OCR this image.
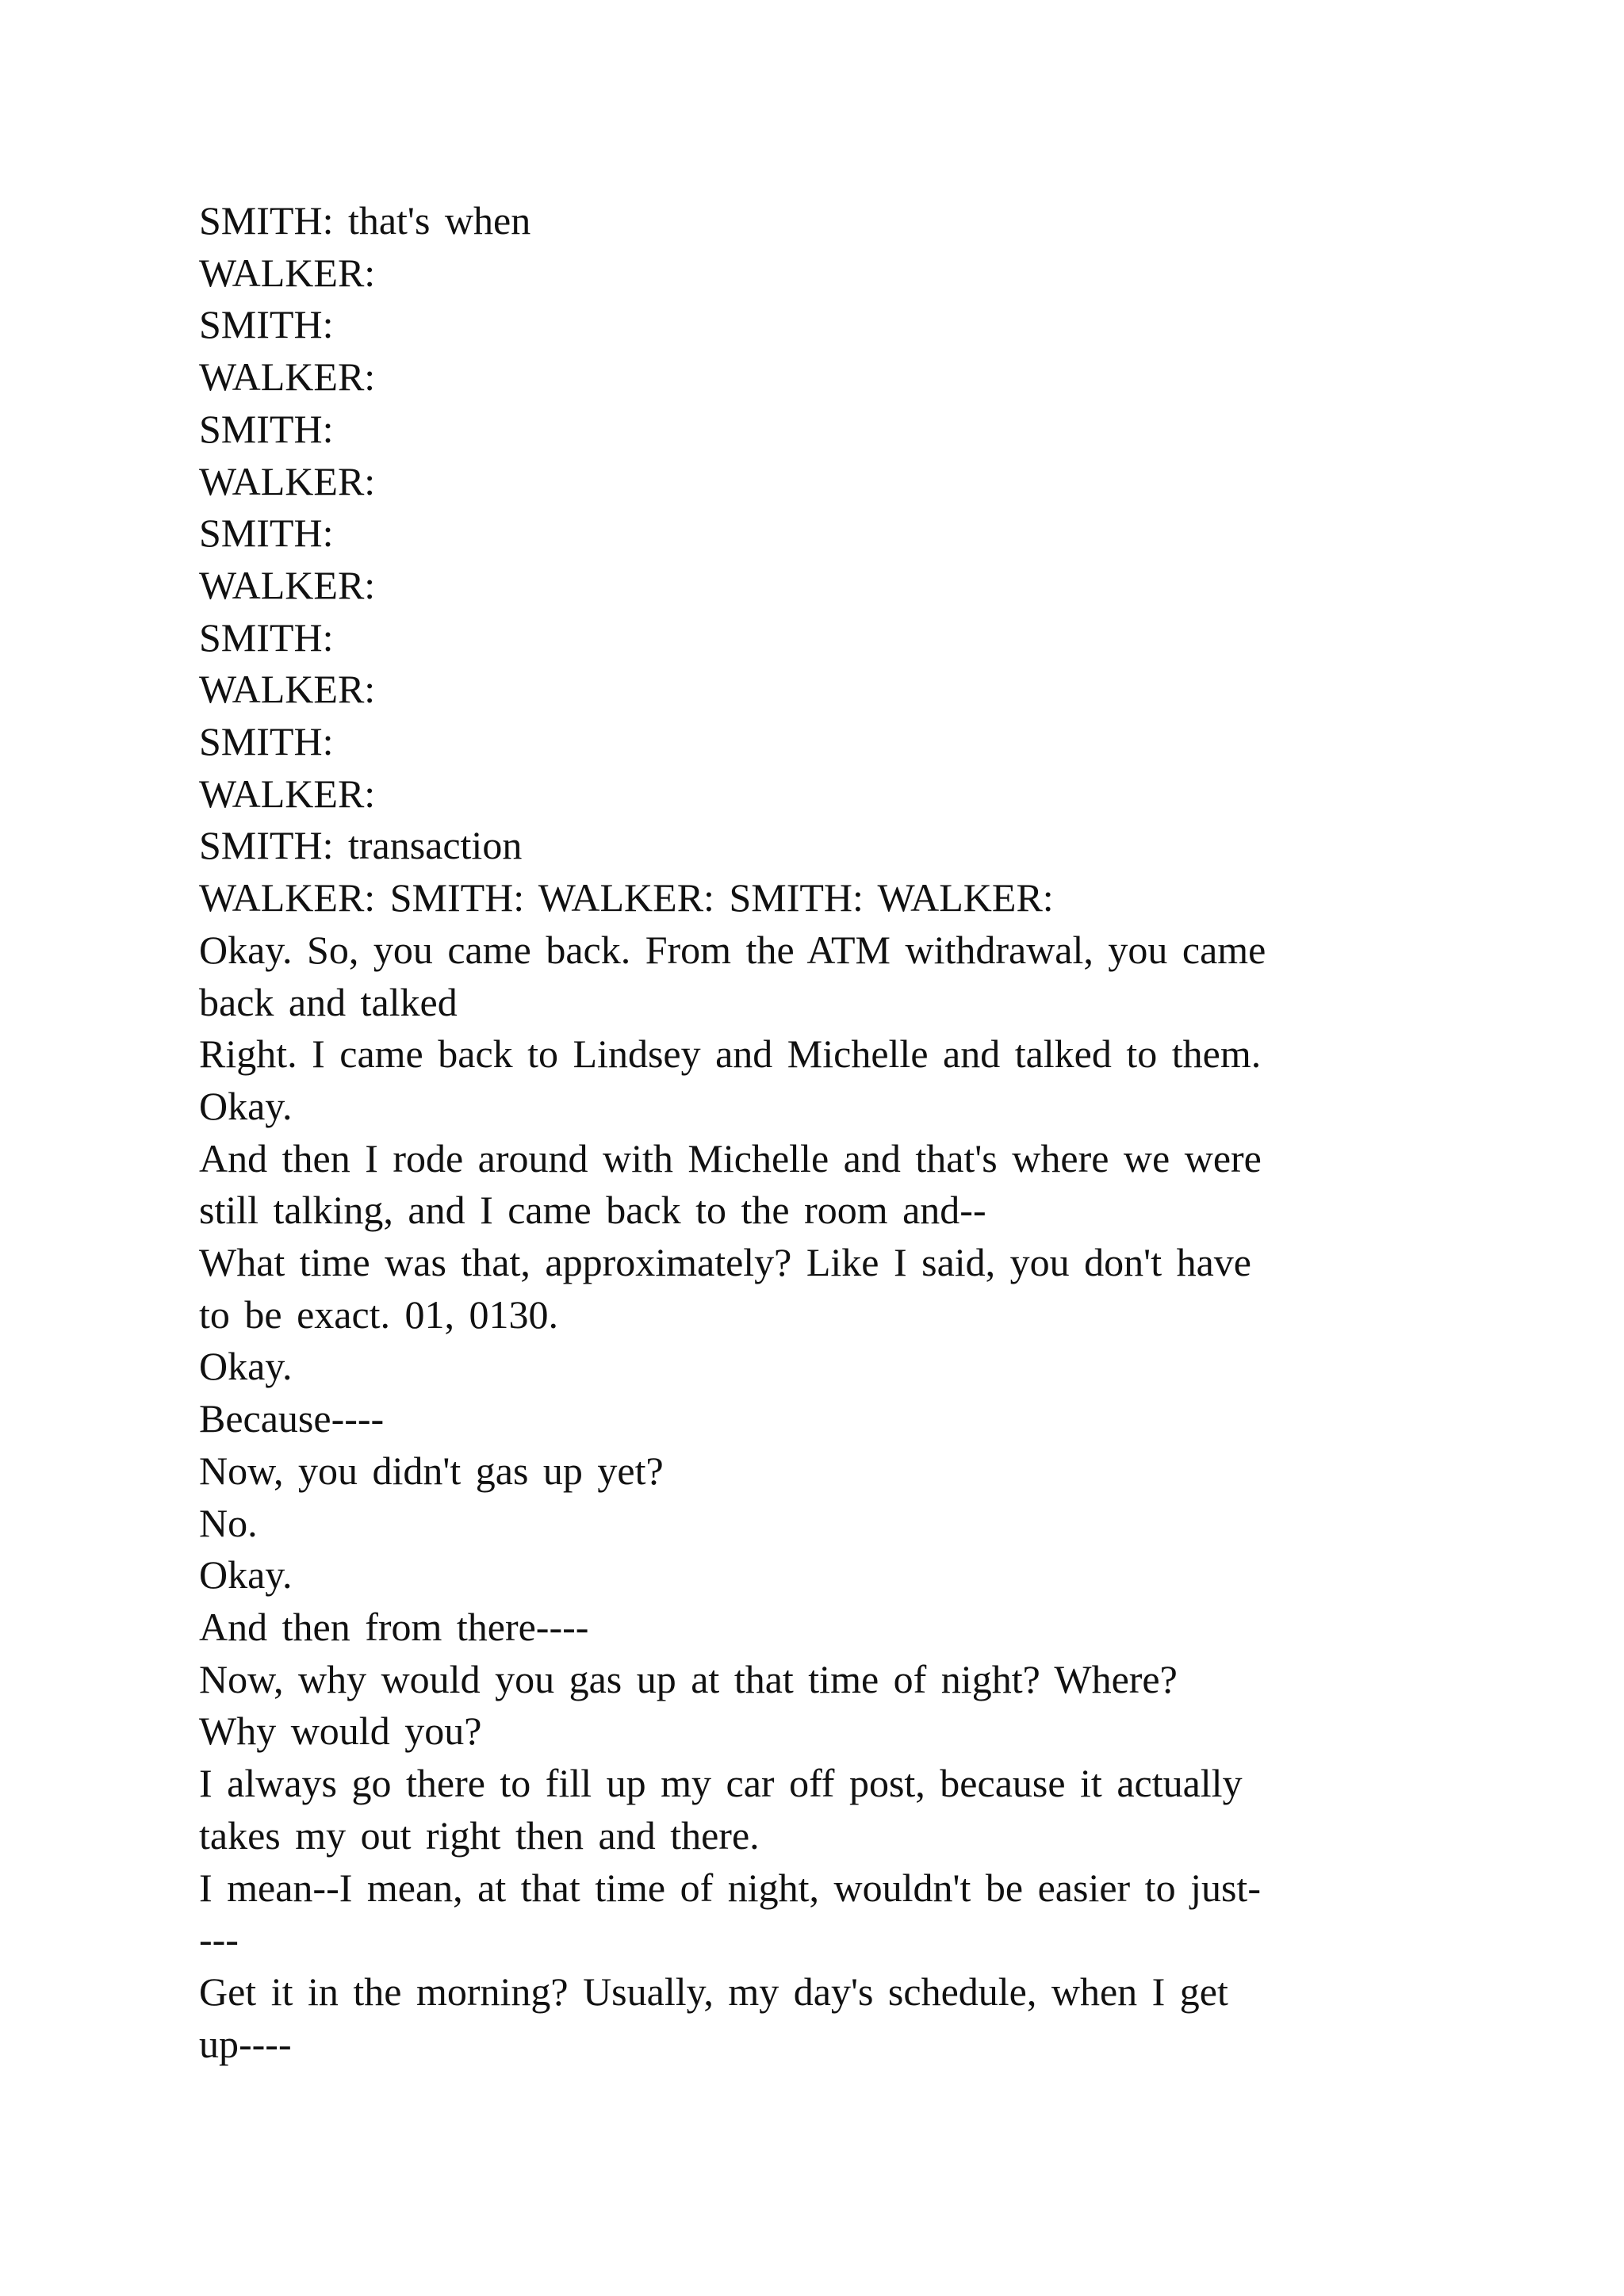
SMITH: that's when
WALKER:
SMITH:
WALKER:
SMITH:
WALKER:
SMITH:
WALKER:
SMITH:
WALKER:
SMITH:
WALKER:
SMITH: transaction
WALKER: SMITH: WALKER: SMITH: WALKER:
Okay. So, you came back. From the ATM withdrawal, you came
back and talked
Right. I came back to Lindsey and Michelle and talked to them.
Okay.
And then I rode around with Michelle and that's where we were
still talking, and I came back to the room and--
What time was that, approximately? Like I said, you don't have
to be exact. 01, 0130.
Okay.
Because----
Now, you didn't gas up yet?
No.
Okay.
And then from there----
Now, why would you gas up at that time of night? Where?
Why would you?
I always go there to fill up my car off post, because it actually
takes my out right then and there.
I mean--I mean, at that time of night, wouldn't be easier to just-
---
Get it in the morning? Usually, my day's schedule, when I get
up----
